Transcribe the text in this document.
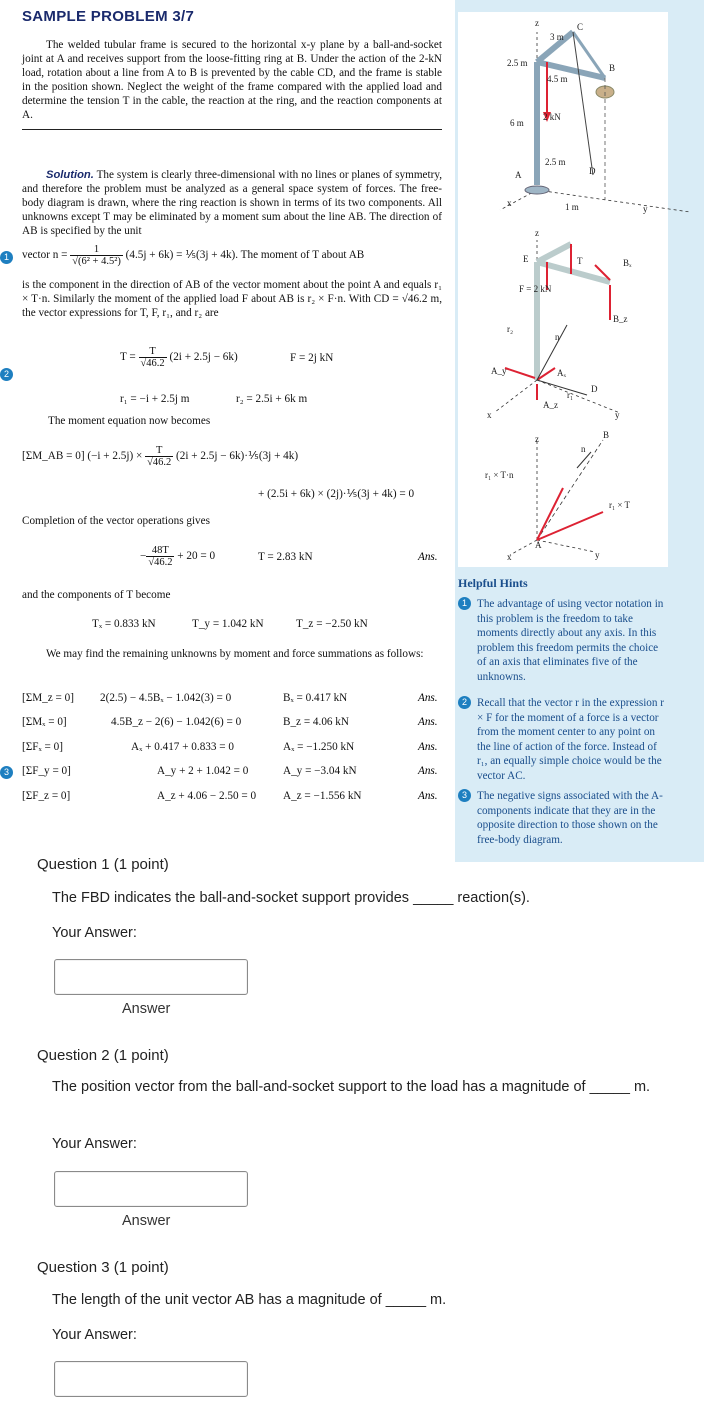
SAMPLE PROBLEM 3/7
The welded tubular frame is secured to the horizontal x-y plane by a ball-and-socket joint at A and receives support from the loose-fitting ring at B. Under the action of the 2-kN load, rotation about a line from A to B is prevented by the cable CD, and the frame is stable in the position shown. Neglect the weight of the frame compared with the applied load and determine the tension T in the cable, the reaction at the ring, and the reaction components at A.
Solution. The system is clearly three-dimensional with no lines or planes of symmetry, and therefore the problem must be analyzed as a general space system of forces. The free-body diagram is drawn, where the ring reaction is shown in terms of its two components. All unknowns except T may be eliminated by a moment sum about the line AB. The direction of AB is specified by the unit
1	vector $n = \frac{1}{\text{√(6² + 4.5²)}} (4.5j + 6k)$ = ⅕(3j + 4k). The moment of T about AB
is the component in the direction of AB of the vector moment about the point A and equals r₁ × T·n. Similarly the moment of the applied load F about AB is r₂ × F·n. With CD = √46.2 m, the vector expressions for T, F, r₁, and r₂ are
$T = \frac{T}{√46.2} (2i + 2.5j - 6k)$	F = 2j kN
2
r₁ = −i + 2.5j m	r₂ = 2.5i + 6k m
The moment equation now becomes
[ΣM_AB = 0] $(-i + 2.5j) \times \frac{T}{√46.2} (2i + 2.5j$ − 6k)·⅕(3j + 4k)
+ (2.5i + 6k) × (2j)·⅕(3j + 4k) = 0
Completion of the vector operations gives
− $\frac{48T}{√46.2} + 20 = 0$	T = 2.83 kN	Ans.
and the components of T become
Tₓ = 0.833 kN	T_y = 1.042 kN	T_z = −2.50 kN
We may find the remaining unknowns by moment and force summations as follows:
[ΣM_z = 0] 2(2.5) − 4.5Bₓ − 1.042(3) = 0	Bₓ = 0.417 kN	Ans.
[ΣMₓ = 0]	4.5B_z − 2(6) − 1.042(6) = 0	B_z = 4.06 kN	Ans.
[ΣFₓ = 0]	Aₓ + 0.417 + 0.833 = 0	Aₓ = −1.250 kN	Ans.
3	[ΣF_y = 0]	A_y + 2 + 1.042 = 0	A_y = −3.04 kN	Ans.
[ΣF_z = 0]	A_z + 4.06 − 2.50 = 0 A_z = −1.556 kN	Ans.
z
3 m
C
2.5 m
4.5 m
B
2 kN
6 m
2.5 m
D
A
x	1 m	y
z
E	T	Bₓ
F = 2 kN
r₂
n
B_z
A_y	Aₓ
r₁
D
A_z
x	y
z	B
n
r₁ × T·n
r₁ × T
A
x	y
Helpful Hints
1 The advantage of using vector notation in this problem is the freedom to take moments directly about any axis. In this problem this freedom permits the choice of an axis that eliminates five of the unknowns.
2 Recall that the vector r in the expression r × F for the moment of a force is a vector from the moment center to any point on the line of action of the force. Instead of r₁, an equally simple choice would be the vector AC.
3 The negative signs associated with the A-components indicate that they are in the opposite direction to those shown on the free-body diagram.
Question 1 (1 point)
The FBD indicates the ball-and-socket support provides _____ reaction(s).
Your Answer:
Answer
Question 2 (1 point)
The position vector from the ball-and-socket support to the load has a magnitude of _____ m.
Your Answer:
Answer
Question 3 (1 point)
The length of the unit vector AB has a magnitude of _____ m.
Your Answer:
